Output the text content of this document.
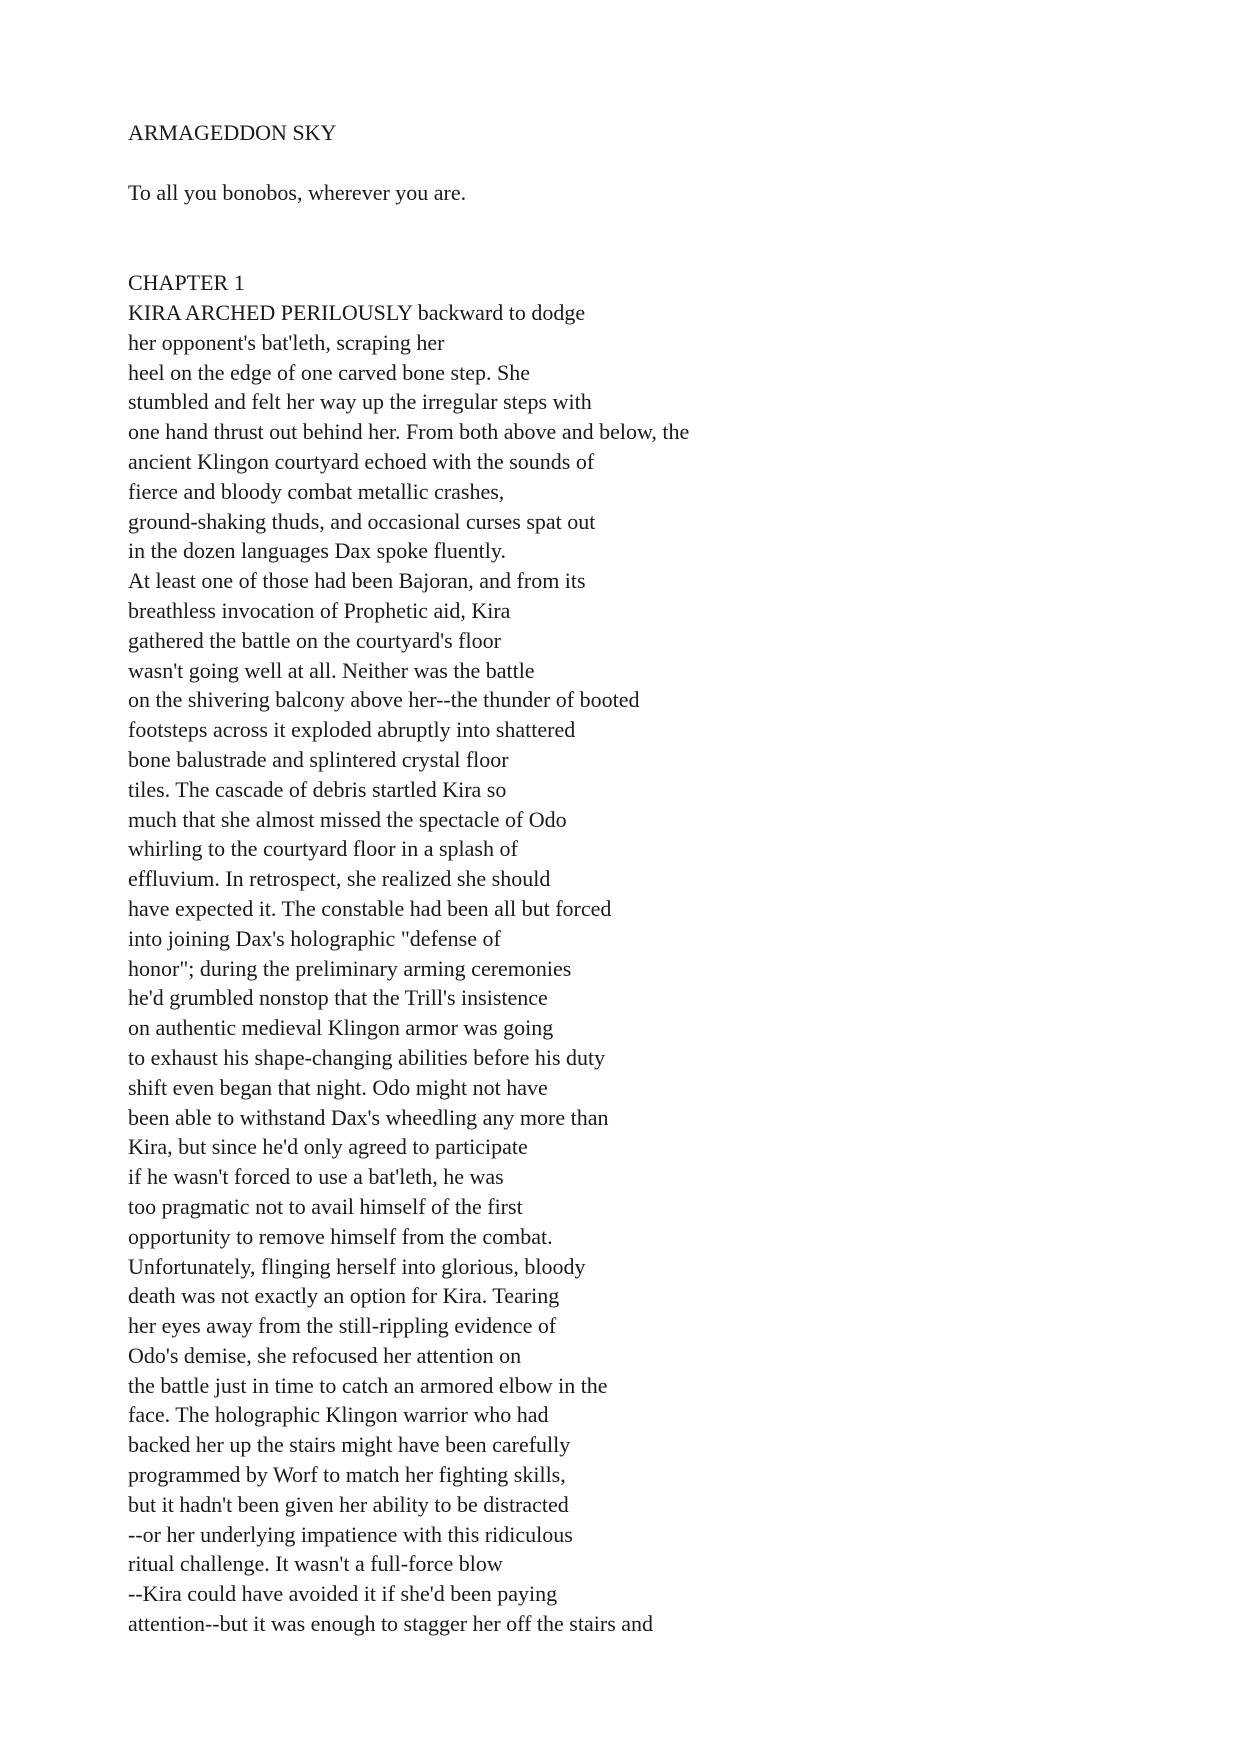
ARMAGEDDON SKY
To all you bonobos, wherever you are.
CHAPTER 1
KIRA ARCHED PERILOUSLY backward to dodge
her opponent's bat'leth, scraping her
heel on the edge of one carved bone step. She
stumbled and felt her way up the irregular steps with
one hand thrust out behind her. From both above and below, the
ancient Klingon courtyard echoed with the sounds of
fierce and bloody combat metallic crashes,
ground-shaking thuds, and occasional curses spat out
in the dozen languages Dax spoke fluently.
At least one of those had been Bajoran, and from its
breathless invocation of Prophetic aid, Kira
gathered the battle on the courtyard's floor
wasn't going well at all. Neither was the battle
on the shivering balcony above her--the thunder of booted
footsteps across it exploded abruptly into shattered
bone balustrade and splintered crystal floor
tiles. The cascade of debris startled Kira so
much that she almost missed the spectacle of Odo
whirling to the courtyard floor in a splash of
effluvium. In retrospect, she realized she should
have expected it. The constable had been all but forced
into joining Dax's holographic "defense of
honor"; during the preliminary arming ceremonies
he'd grumbled nonstop that the Trill's insistence
on authentic medieval Klingon armor was going
to exhaust his shape-changing abilities before his duty
shift even began that night. Odo might not have
been able to withstand Dax's wheedling any more than
Kira, but since he'd only agreed to participate
if he wasn't forced to use a bat'leth, he was
too pragmatic not to avail himself of the first
opportunity to remove himself from the combat.
Unfortunately, flinging herself into glorious, bloody
death was not exactly an option for Kira. Tearing
her eyes away from the still-rippling evidence of
Odo's demise, she refocused her attention on
the battle just in time to catch an armored elbow in the
face. The holographic Klingon warrior who had
backed her up the stairs might have been carefully
programmed by Worf to match her fighting skills,
but it hadn't been given her ability to be distracted
--or her underlying impatience with this ridiculous
ritual challenge. It wasn't a full-force blow
--Kira could have avoided it if she'd been paying
attention--but it was enough to stagger her off the stairs and
